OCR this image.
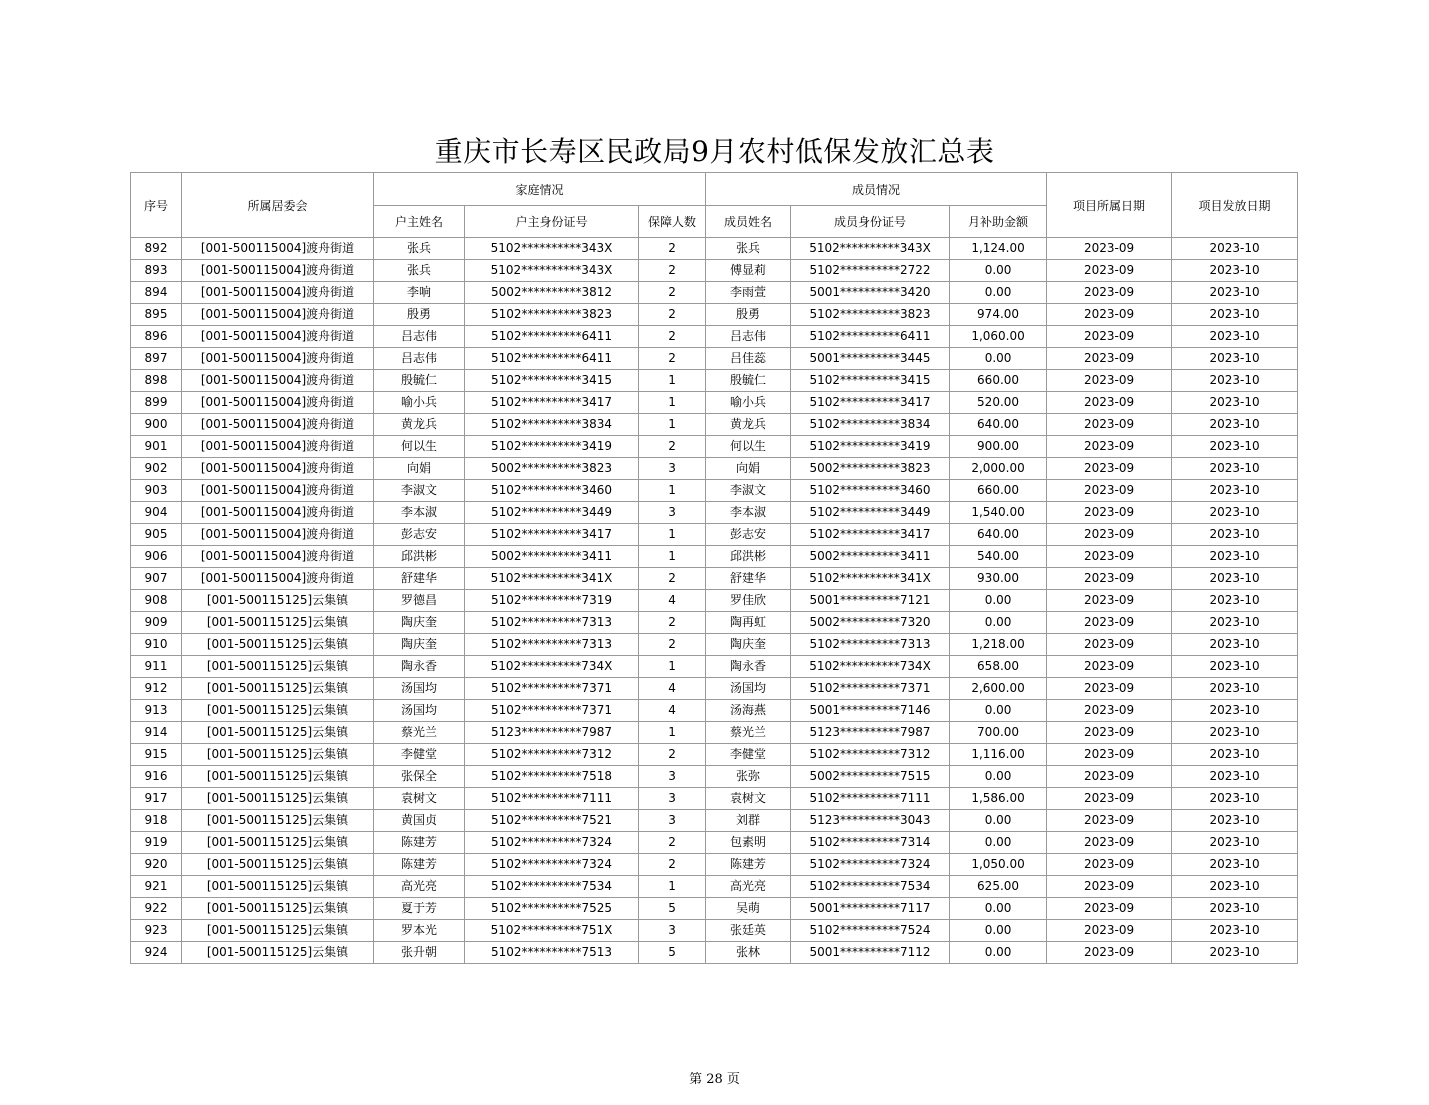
重庆市长寿区民政局9月农村低保发放汇总表
序号	所属居委会	家庭情况			成员情况			项目所属日期	项目发放日期
		户主姓名	户主身份证号	保障人数	成员姓名	成员身份证号	月补助金额		
892	[001-500115004]渡舟街道	张兵	5102**********343X	2	张兵	5102**********343X	1,124.00	2023-09	2023-10
893	[001-500115004]渡舟街道	张兵	5102**********343X	2	傅显莉	5102**********2722	0.00	2023-09	2023-10
894	[001-500115004]渡舟街道	李响	5002**********3812	2	李雨萱	5001**********3420	0.00	2023-09	2023-10
895	[001-500115004]渡舟街道	殷勇	5102**********3823	2	殷勇	5102**********3823	974.00	2023-09	2023-10
896	[001-500115004]渡舟街道	吕志伟	5102**********6411	2	吕志伟	5102**********6411	1,060.00	2023-09	2023-10
897	[001-500115004]渡舟街道	吕志伟	5102**********6411	2	吕佳蕊	5001**********3445	0.00	2023-09	2023-10
898	[001-500115004]渡舟街道	殷毓仁	5102**********3415	1	殷毓仁	5102**********3415	660.00	2023-09	2023-10
899	[001-500115004]渡舟街道	喻小兵	5102**********3417	1	喻小兵	5102**********3417	520.00	2023-09	2023-10
900	[001-500115004]渡舟街道	黄龙兵	5102**********3834	1	黄龙兵	5102**********3834	640.00	2023-09	2023-10
901	[001-500115004]渡舟街道	何以生	5102**********3419	2	何以生	5102**********3419	900.00	2023-09	2023-10
902	[001-500115004]渡舟街道	向娟	5002**********3823	3	向娟	5002**********3823	2,000.00	2023-09	2023-10
903	[001-500115004]渡舟街道	李淑文	5102**********3460	1	李淑文	5102**********3460	660.00	2023-09	2023-10
904	[001-500115004]渡舟街道	李本淑	5102**********3449	3	李本淑	5102**********3449	1,540.00	2023-09	2023-10
905	[001-500115004]渡舟街道	彭志安	5102**********3417	1	彭志安	5102**********3417	640.00	2023-09	2023-10
906	[001-500115004]渡舟街道	邱洪彬	5002**********3411	1	邱洪彬	5002**********3411	540.00	2023-09	2023-10
907	[001-500115004]渡舟街道	舒建华	5102**********341X	2	舒建华	5102**********341X	930.00	2023-09	2023-10
908	[001-500115125]云集镇	罗德昌	5102**********7319	4	罗佳欣	5001**********7121	0.00	2023-09	2023-10
909	[001-500115125]云集镇	陶庆奎	5102**********7313	2	陶再虹	5002**********7320	0.00	2023-09	2023-10
910	[001-500115125]云集镇	陶庆奎	5102**********7313	2	陶庆奎	5102**********7313	1,218.00	2023-09	2023-10
911	[001-500115125]云集镇	陶永香	5102**********734X	1	陶永香	5102**********734X	658.00	2023-09	2023-10
912	[001-500115125]云集镇	汤国均	5102**********7371	4	汤国均	5102**********7371	2,600.00	2023-09	2023-10
913	[001-500115125]云集镇	汤国均	5102**********7371	4	汤海燕	5001**********7146	0.00	2023-09	2023-10
914	[001-500115125]云集镇	蔡光兰	5123**********7987	1	蔡光兰	5123**********7987	700.00	2023-09	2023-10
915	[001-500115125]云集镇	李健堂	5102**********7312	2	李健堂	5102**********7312	1,116.00	2023-09	2023-10
916	[001-500115125]云集镇	张保全	5102**********7518	3	张弥	5002**********7515	0.00	2023-09	2023-10
917	[001-500115125]云集镇	袁树文	5102**********7111	3	袁树文	5102**********7111	1,586.00	2023-09	2023-10
918	[001-500115125]云集镇	黄国贞	5102**********7521	3	刘群	5123**********3043	0.00	2023-09	2023-10
919	[001-500115125]云集镇	陈建芳	5102**********7324	2	包素明	5102**********7314	0.00	2023-09	2023-10
920	[001-500115125]云集镇	陈建芳	5102**********7324	2	陈建芳	5102**********7324	1,050.00	2023-09	2023-10
921	[001-500115125]云集镇	高光亮	5102**********7534	1	高光亮	5102**********7534	625.00	2023-09	2023-10
922	[001-500115125]云集镇	夏于芳	5102**********7525	5	吴萌	5001**********7117	0.00	2023-09	2023-10
923	[001-500115125]云集镇	罗本光	5102**********751X	3	张廷英	5102**********7524	0.00	2023-09	2023-10
924	[001-500115125]云集镇	张升朝	5102**********7513	5	张林	5001**********7112	0.00	2023-09	2023-10
第 28 页
